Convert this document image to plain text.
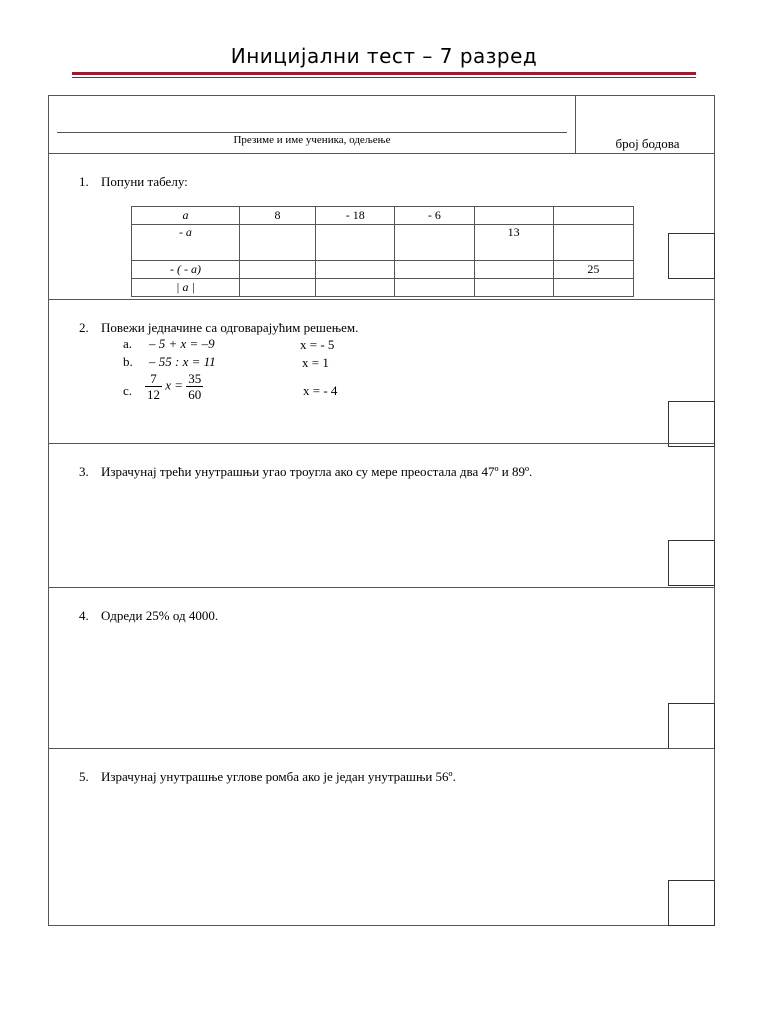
Иницијални тест – 7 разред
Презиме и име ученика, одељење	број бодова
1. Попуни табелу:
a	8	- 18	- 6		
- a				13	
- ( - a)					25
| a |					
2. Повежи једначине са одговарајућим решењем.
a. – 5 + x = –9	x = - 5
b. – 55 : x = 11	x = 1
c. $\frac{7}{12}$ $x = \frac{35}{60}$	x = - 4
3. Израчунај трећи унутрашњи угао троугла ако су мере преостала два 47º и 89º.
4. Одреди 25% од 4000.
5. Израчунај унутрашње углове ромба ако је један унутрашњи 56º.
